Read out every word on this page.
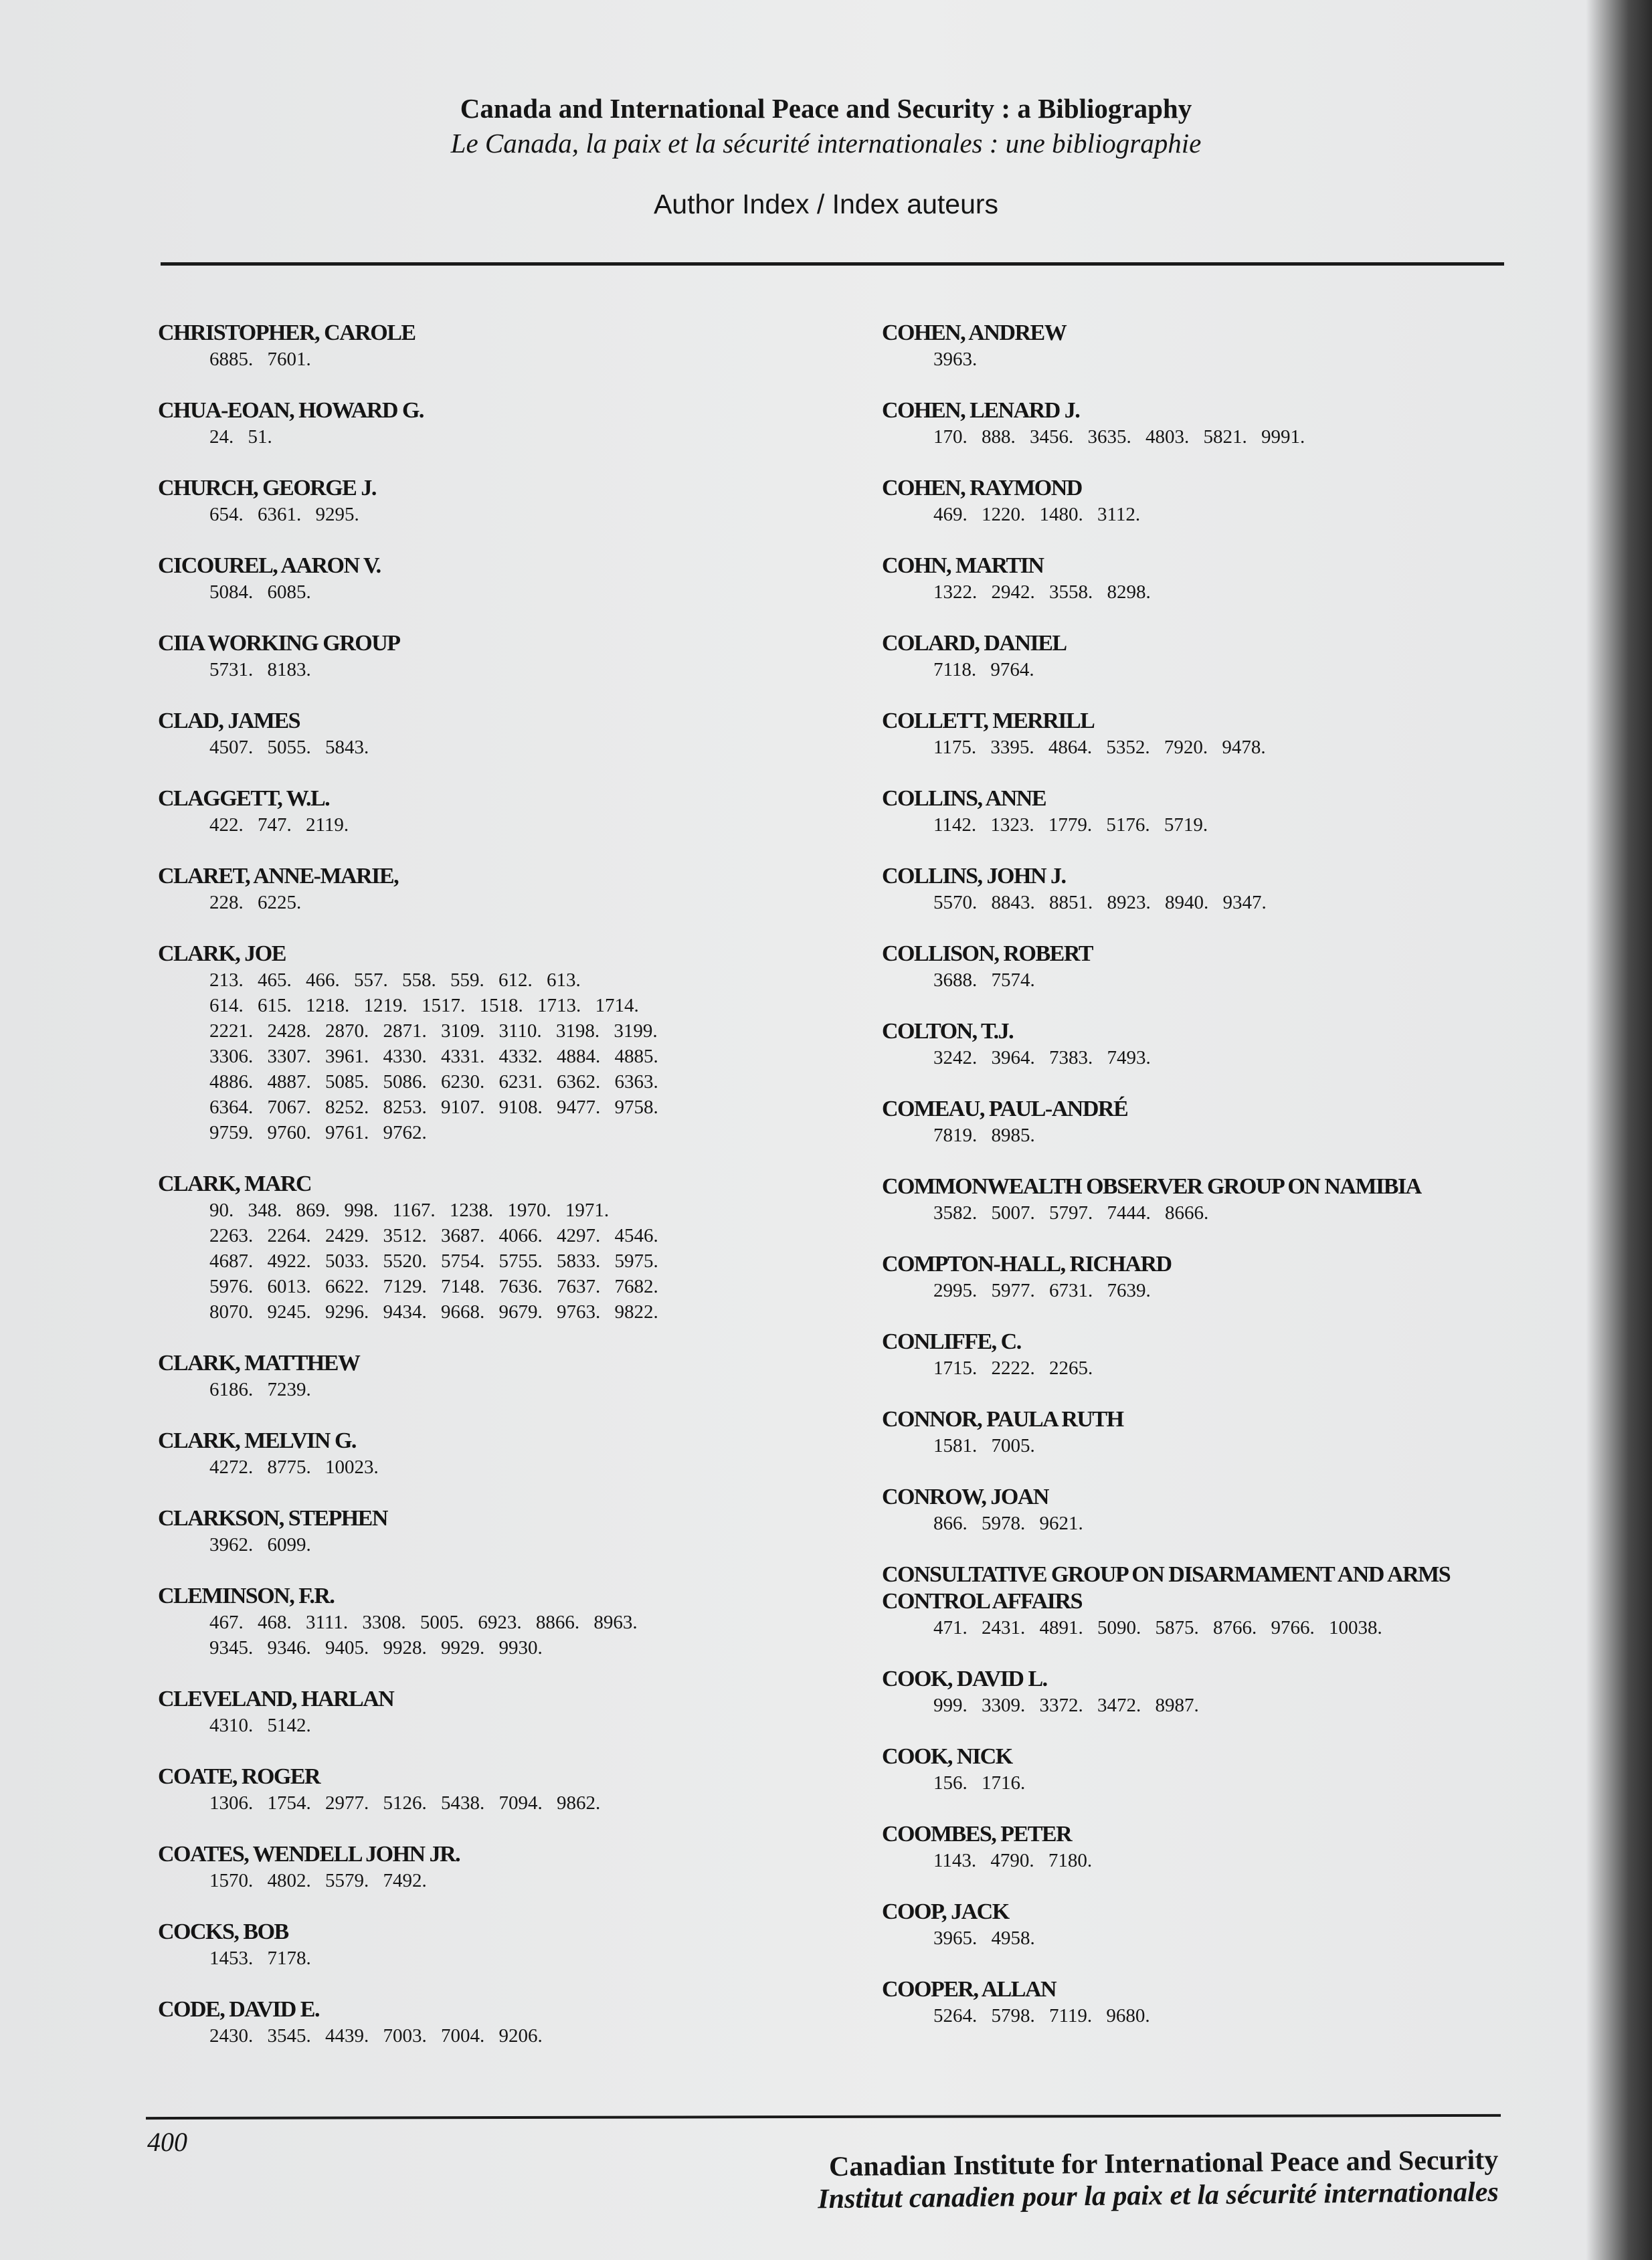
Canada and International Peace and Security : a Bibliography
Le Canada, la paix et la sécurité internationales : une bibliographie
Author Index / Index auteurs
CHRISTOPHER, CAROLE
6885. 7601.
CHUA-EOAN, HOWARD G.
24. 51.
CHURCH, GEORGE J.
654. 6361. 9295.
CICOUREL, AARON V.
5084. 6085.
CIIA WORKING GROUP
5731. 8183.
CLAD, JAMES
4507. 5055. 5843.
CLAGGETT, W.L.
422. 747. 2119.
CLARET, ANNE-MARIE,
228. 6225.
CLARK, JOE
213. 465. 466. 557. 558. 559. 612. 613.
614. 615. 1218. 1219. 1517. 1518. 1713. 1714.
2221. 2428. 2870. 2871. 3109. 3110. 3198. 3199.
3306. 3307. 3961. 4330. 4331. 4332. 4884. 4885.
4886. 4887. 5085. 5086. 6230. 6231. 6362. 6363.
6364. 7067. 8252. 8253. 9107. 9108. 9477. 9758.
9759. 9760. 9761. 9762.
CLARK, MARC
90. 348. 869. 998. 1167. 1238. 1970. 1971.
2263. 2264. 2429. 3512. 3687. 4066. 4297. 4546.
4687. 4922. 5033. 5520. 5754. 5755. 5833. 5975.
5976. 6013. 6622. 7129. 7148. 7636. 7637. 7682.
8070. 9245. 9296. 9434. 9668. 9679. 9763. 9822.
CLARK, MATTHEW
6186. 7239.
CLARK, MELVIN G.
4272. 8775. 10023.
CLARKSON, STEPHEN
3962. 6099.
CLEMINSON, F.R.
467. 468. 3111. 3308. 5005. 6923. 8866. 8963.
9345. 9346. 9405. 9928. 9929. 9930.
CLEVELAND, HARLAN
4310. 5142.
COATE, ROGER
1306. 1754. 2977. 5126. 5438. 7094. 9862.
COATES, WENDELL JOHN JR.
1570. 4802. 5579. 7492.
COCKS, BOB
1453. 7178.
CODE, DAVID E.
2430. 3545. 4439. 7003. 7004. 9206.
COHEN, ANDREW
3963.
COHEN, LENARD J.
170. 888. 3456. 3635. 4803. 5821. 9991.
COHEN, RAYMOND
469. 1220. 1480. 3112.
COHN, MARTIN
1322. 2942. 3558. 8298.
COLARD, DANIEL
7118. 9764.
COLLETT, MERRILL
1175. 3395. 4864. 5352. 7920. 9478.
COLLINS, ANNE
1142. 1323. 1779. 5176. 5719.
COLLINS, JOHN J.
5570. 8843. 8851. 8923. 8940. 9347.
COLLISON, ROBERT
3688. 7574.
COLTON, T.J.
3242. 3964. 7383. 7493.
COMEAU, PAUL-ANDRÉ
7819. 8985.
COMMONWEALTH OBSERVER GROUP ON NAMIBIA
3582. 5007. 5797. 7444. 8666.
COMPTON-HALL, RICHARD
2995. 5977. 6731. 7639.
CONLIFFE, C.
1715. 2222. 2265.
CONNOR, PAULA RUTH
1581. 7005.
CONROW, JOAN
866. 5978. 9621.
CONSULTATIVE GROUP ON DISARMAMENT AND ARMS CONTROL AFFAIRS
471. 2431. 4891. 5090. 5875. 8766. 9766. 10038.
COOK, DAVID L.
999. 3309. 3372. 3472. 8987.
COOK, NICK
156. 1716.
COOMBES, PETER
1143. 4790. 7180.
COOP, JACK
3965. 4958.
COOPER, ALLAN
5264. 5798. 7119. 9680.
400
Canadian Institute for International Peace and Security
Institut canadien pour la paix et la sécurité internationales
